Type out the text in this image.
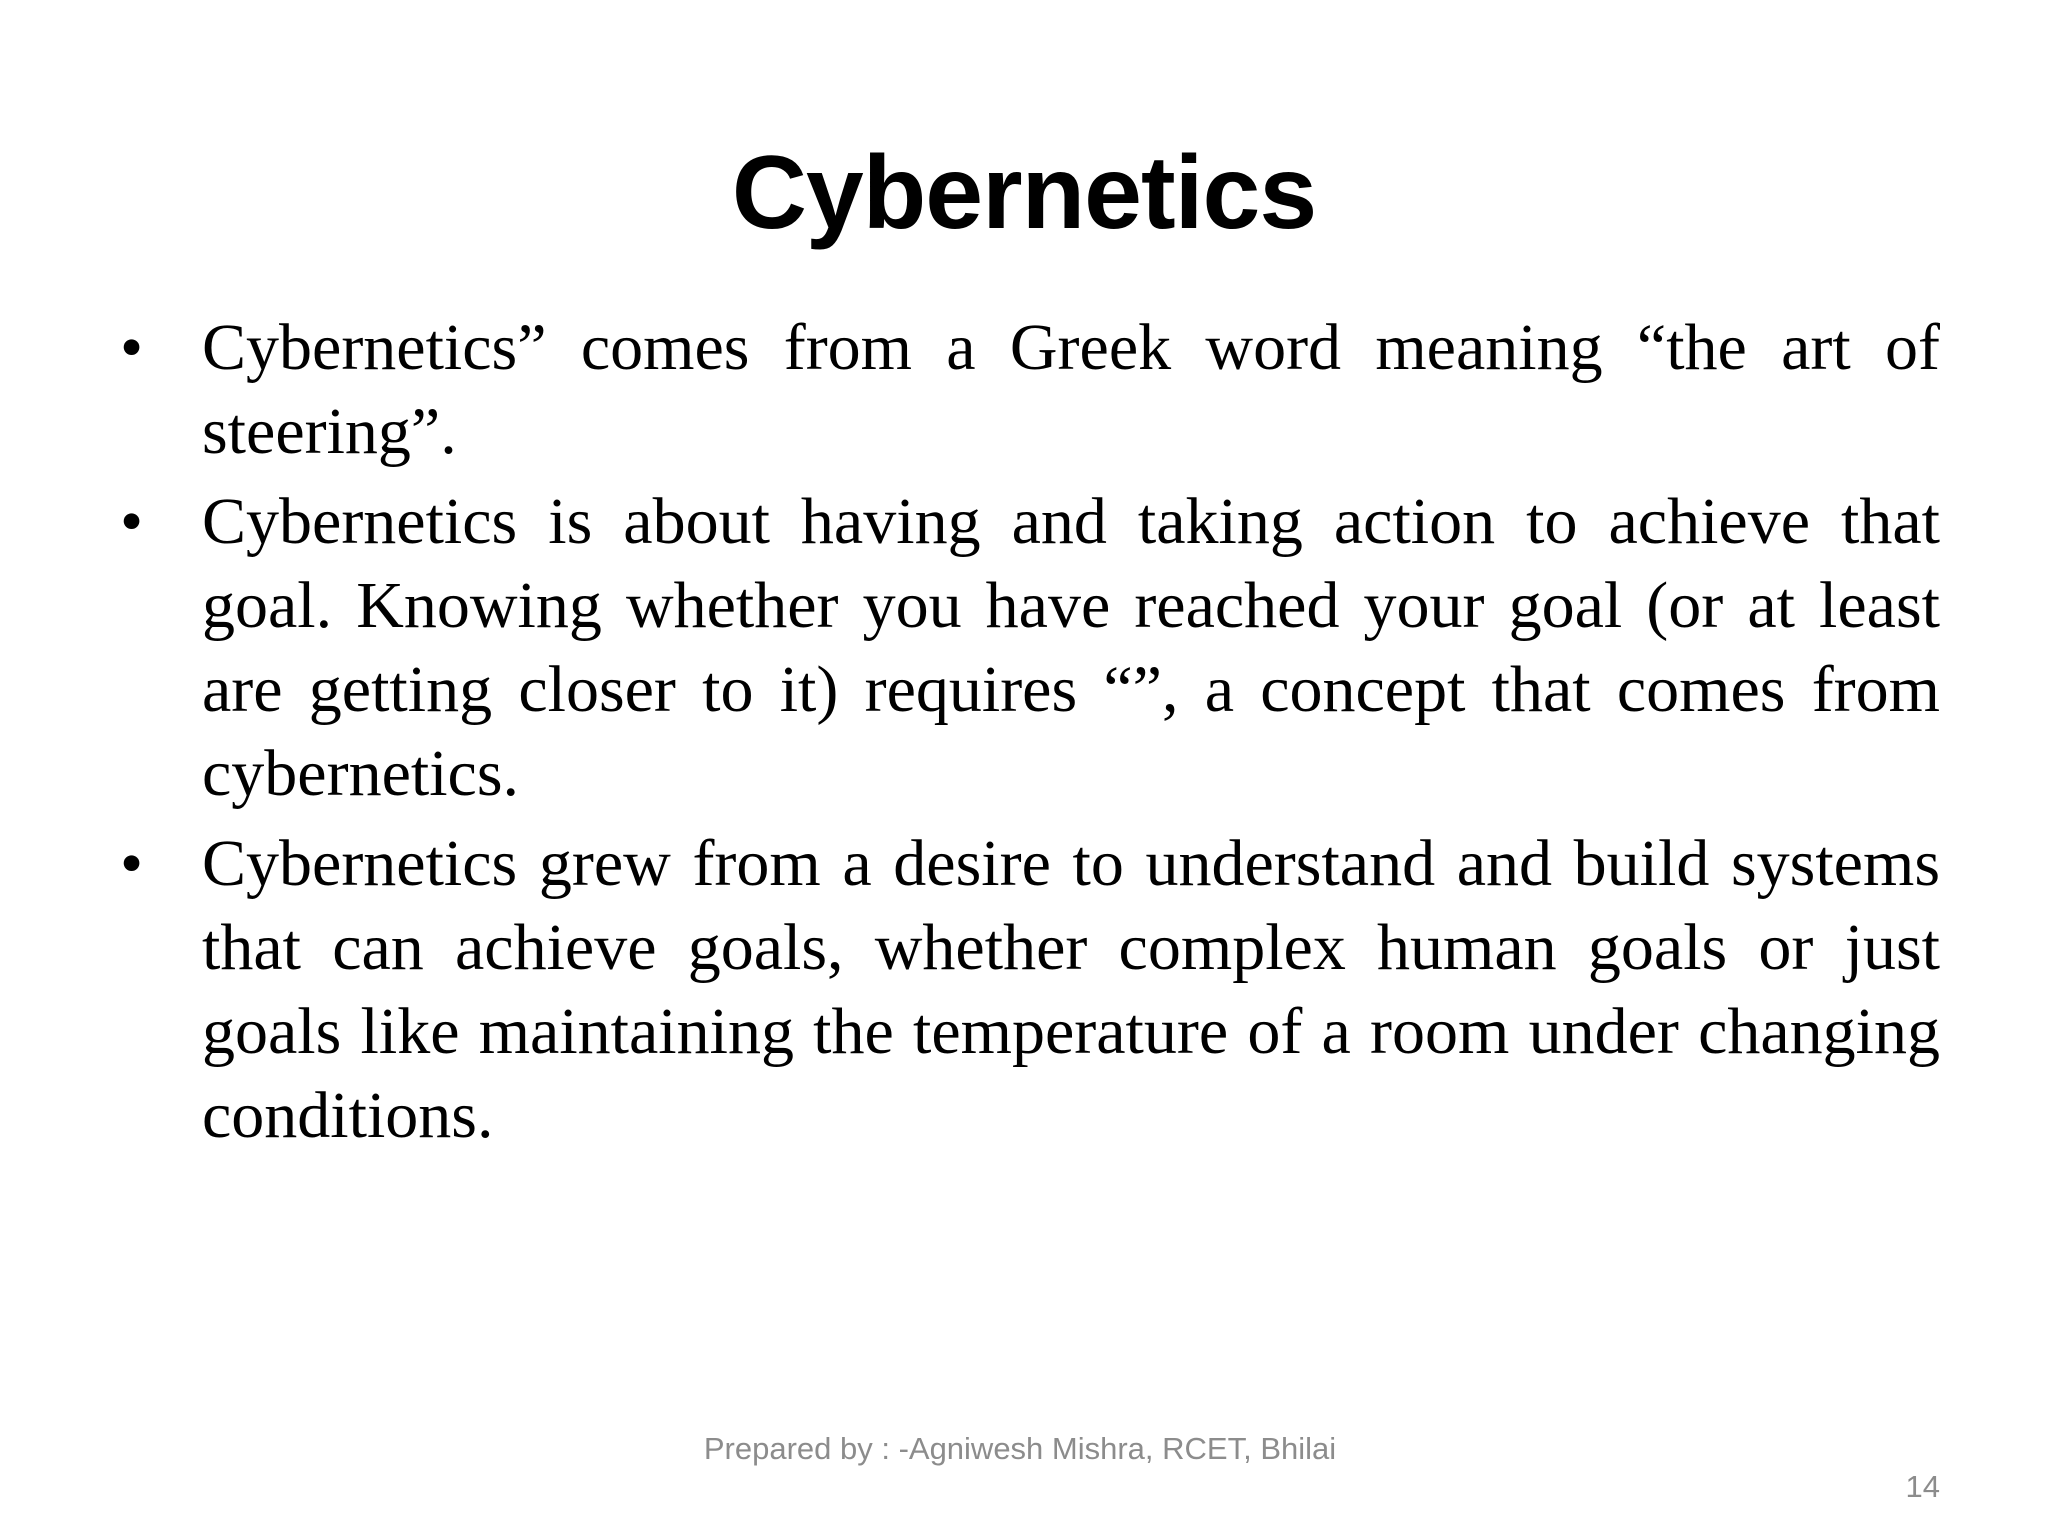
Cybernetics
• Cybernetics” comes from a Greek word meaning “the art of steering”.
• Cybernetics is about having and taking action to achieve that goal. Knowing whether you have reached your goal (or at least are getting closer to it) requires “”, a concept that comes from cybernetics.
• Cybernetics grew from a desire to understand and build systems that can achieve goals, whether complex human goals or just goals like maintaining the temperature of a room under changing conditions.
Prepared by : -Agniwesh Mishra, RCET, Bhilai
14
